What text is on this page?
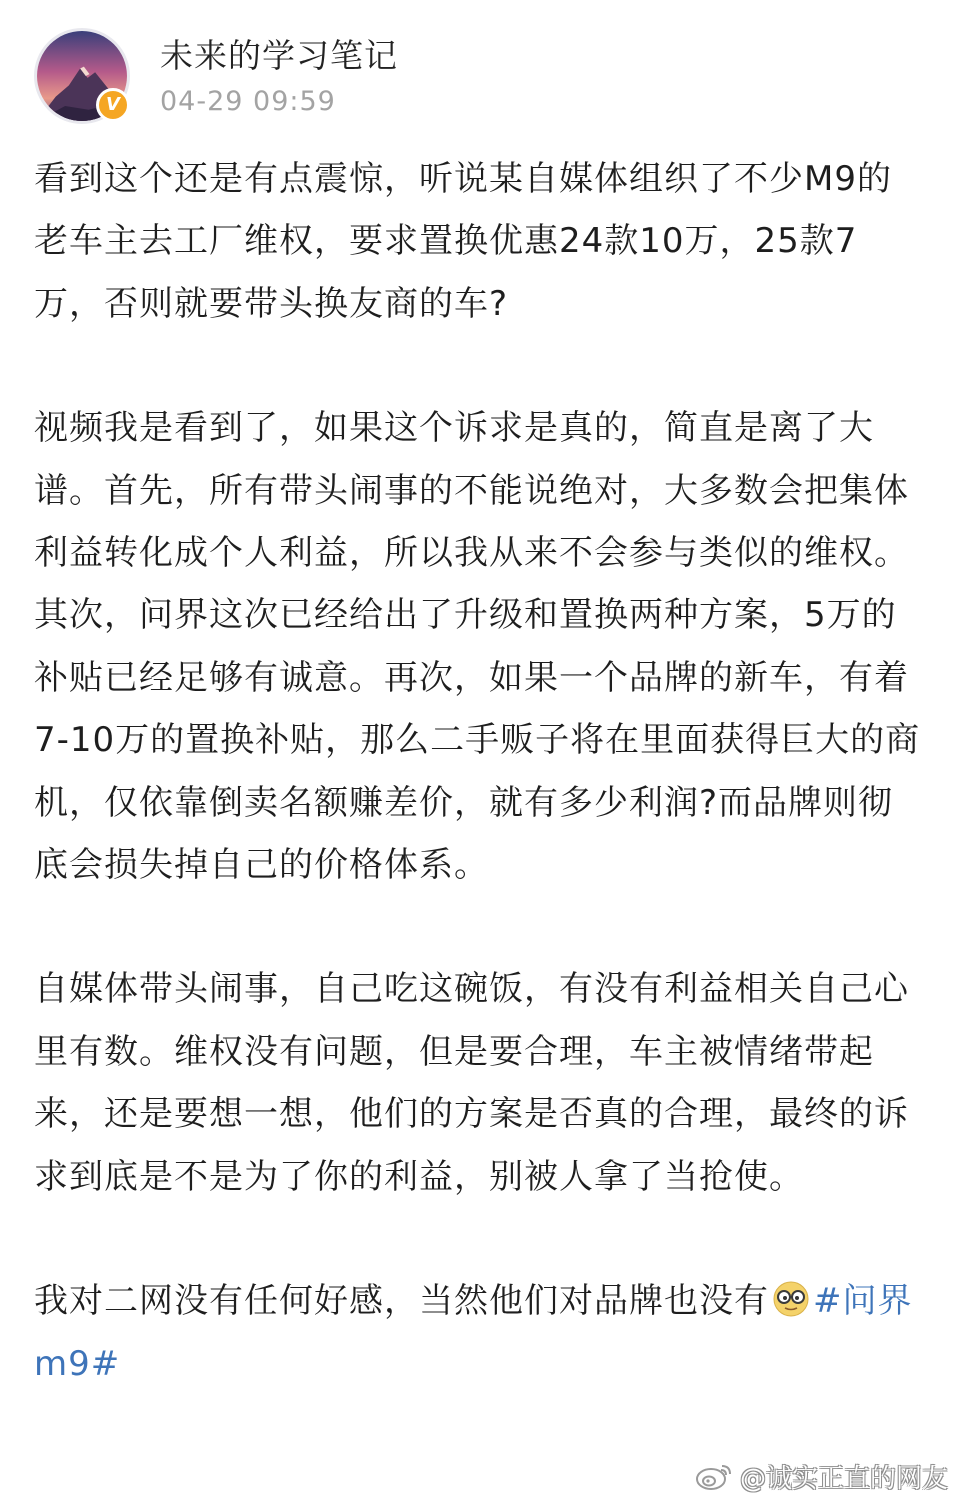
V
未来的学习笔记
04-29 09:59

看到这个还是有点震惊，听说某自媒体组织了不少M9的老车主去工厂维权，要求置换优惠24款10万，25款7万，否则就要带头换友商的车?

视频我是看到了，如果这个诉求是真的，简直是离了大谱。首先，所有带头闹事的不能说绝对，大多数会把集体利益转化成个人利益，所以我从来不会参与类似的维权。其次，问界这次已经给出了升级和置换两种方案，5万的补贴已经足够有诚意。再次，如果一个品牌的新车，有着7-10万的置换补贴，那么二手贩子将在里面获得巨大的商机，仅依靠倒卖名额赚差价，就有多少利润?而品牌则彻底会损失掉自己的价格体系。

自媒体带头闹事，自己吃这碗饭，有没有利益相关自己心里有数。维权没有问题，但是要合理，车主被情绪带起来，还是要想一想，他们的方案是否真的合理，最终的诉求到底是不是为了你的利益，别被人拿了当抢使。

我对二网没有任何好感，当然他们对品牌也没有 #问界m9#

@诚实正直的网友
